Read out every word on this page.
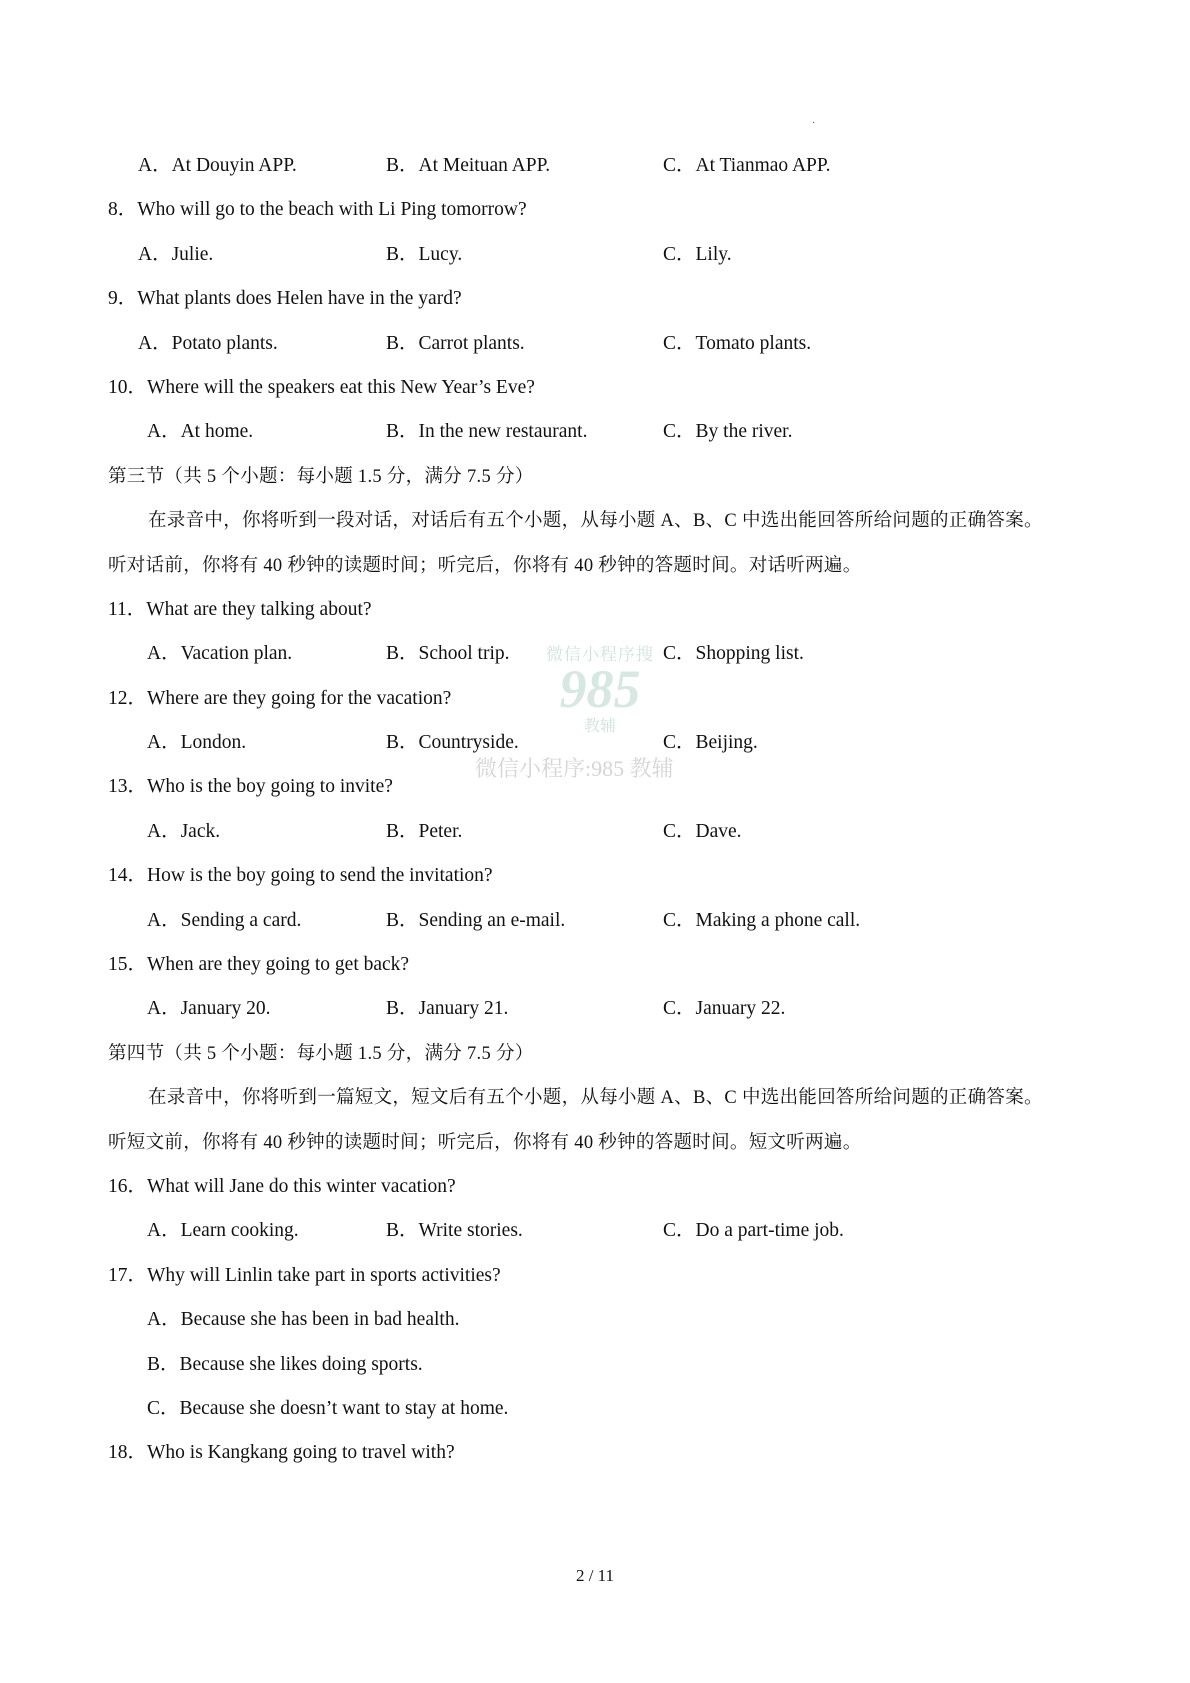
·
A．At Douyin APP.	B．At Meituan APP.	C．At Tianmao APP.
8．Who will go to the beach with Li Ping tomorrow?
A．Julie.	B．Lucy.	C．Lily.
9．What plants does Helen have in the yard?
A．Potato plants.	B．Carrot plants.	C．Tomato plants.
10．Where will the speakers eat this New Year’s Eve?
A．At home.	B．In the new restaurant.	C．By the river.
第三节（共 5 个小题：每小题 1.5 分，满分 7.5 分）
在录音中，你将听到一段对话，对话后有五个小题，从每小题 A、B、C 中选出能回答所给问题的正确答案。
听对话前，你将有 40 秒钟的读题时间；听完后，你将有 40 秒钟的答题时间。对话听两遍。
11．What are they talking about?
A．Vacation plan.	B．School trip.	C．Shopping list.
12．Where are they going for the vacation?
A．London.	B．Countryside.	C．Beijing.
13．Who is the boy going to invite?
A．Jack.	B．Peter.	C．Dave.
14．How is the boy going to send the invitation?
A．Sending a card.	B．Sending an e-mail.	C．Making a phone call.
15．When are they going to get back?
A．January 20.	B．January 21.	C．January 22.
第四节（共 5 个小题：每小题 1.5 分，满分 7.5 分）
在录音中，你将听到一篇短文，短文后有五个小题，从每小题 A、B、C 中选出能回答所给问题的正确答案。
听短文前，你将有 40 秒钟的读题时间；听完后，你将有 40 秒钟的答题时间。短文听两遍。
16．What will Jane do this winter vacation?
A．Learn cooking.	B．Write stories.	C．Do a part-time job.
17．Why will Linlin take part in sports activities?
A．Because she has been in bad health.
B．Because she likes doing sports.
C．Because she doesn’t want to stay at home.
18．Who is Kangkang going to travel with?
微信小程序搜
985
教辅
微信小程序:985 教辅
2 / 11
